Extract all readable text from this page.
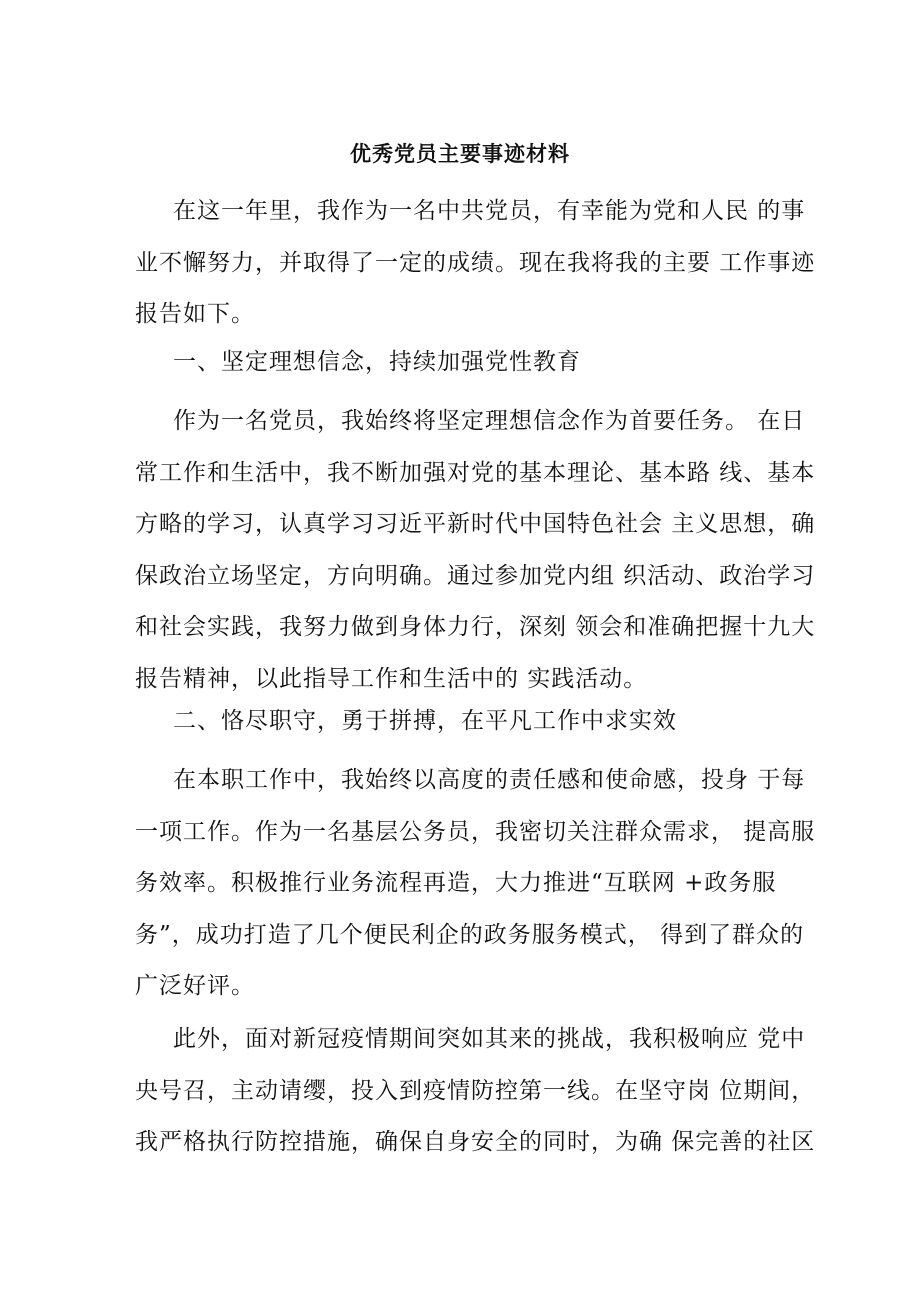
优秀党员主要事迹材料

在这一年里，我作为一名中共党员，有幸能为党和人民 的事
业不懈努力，并取得了一定的成绩。现在我将我的主要 工作事迹
报告如下。

一、坚定理想信念，持续加强党性教育

作为一名党员，我始终将坚定理想信念作为首要任务。 在日
常工作和生活中，我不断加强对党的基本理论、基本路 线、基本
方略的学习，认真学习习近平新时代中国特色社会 主义思想，确
保政治立场坚定，方向明确。通过参加党内组 织活动、政治学习
和社会实践，我努力做到身体力行，深刻 领会和准确把握十九大
报告精神，以此指导工作和生活中的 实践活动。

二、恪尽职守，勇于拼搏，在平凡工作中求实效

在本职工作中，我始终以高度的责任感和使命感，投身 于每
一项工作。作为一名基层公务员，我密切关注群众需求， 提高服
务效率。积极推行业务流程再造，大力推进“互联网 +政务服
务”，成功打造了几个便民利企的政务服务模式， 得到了群众的
广泛好评。

此外，面对新冠疫情期间突如其来的挑战，我积极响应 党中
央号召，主动请缨，投入到疫情防控第一线。在坚守岗 位期间，
我严格执行防控措施，确保自身安全的同时，为确 保完善的社区
